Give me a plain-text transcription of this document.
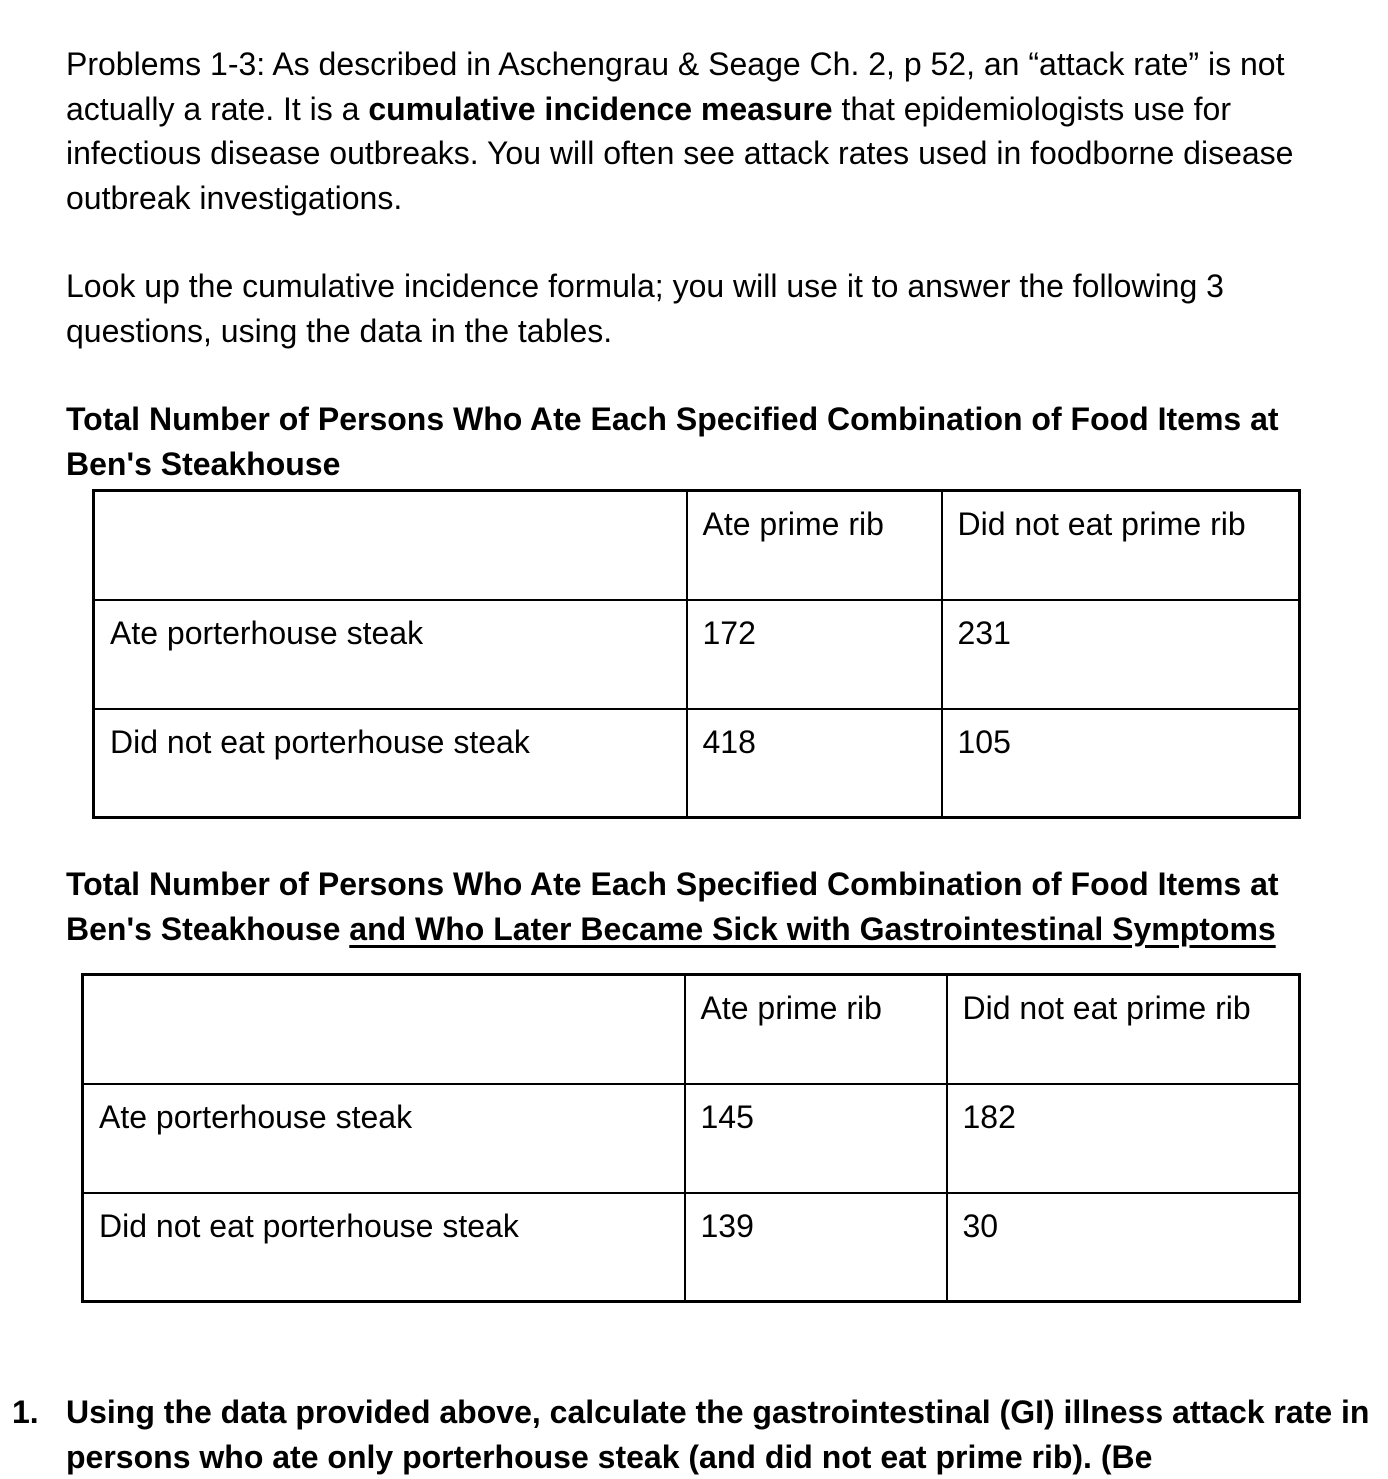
Problems 1-3: As described in Aschengrau & Seage Ch. 2, p 52, an “attack rate” is not actually a rate. It is a cumulative incidence measure that epidemiologists use for infectious disease outbreaks. You will often see attack rates used in foodborne disease outbreak investigations.

Look up the cumulative incidence formula; you will use it to answer the following 3 questions, using the data in the tables.

Total Number of Persons Who Ate Each Specified Combination of Food Items at Ben's Steakhouse

	Ate prime rib	Did not eat prime rib
Ate porterhouse steak	172	231
Did not eat porterhouse steak	418	105

Total Number of Persons Who Ate Each Specified Combination of Food Items at Ben's Steakhouse and Who Later Became Sick with Gastrointestinal Symptoms

	Ate prime rib	Did not eat prime rib
Ate porterhouse steak	145	182
Did not eat porterhouse steak	139	30
1. Using the data provided above, calculate the gastrointestinal (GI) illness attack rate in persons who ate only porterhouse steak (and did not eat prime rib). (Be
